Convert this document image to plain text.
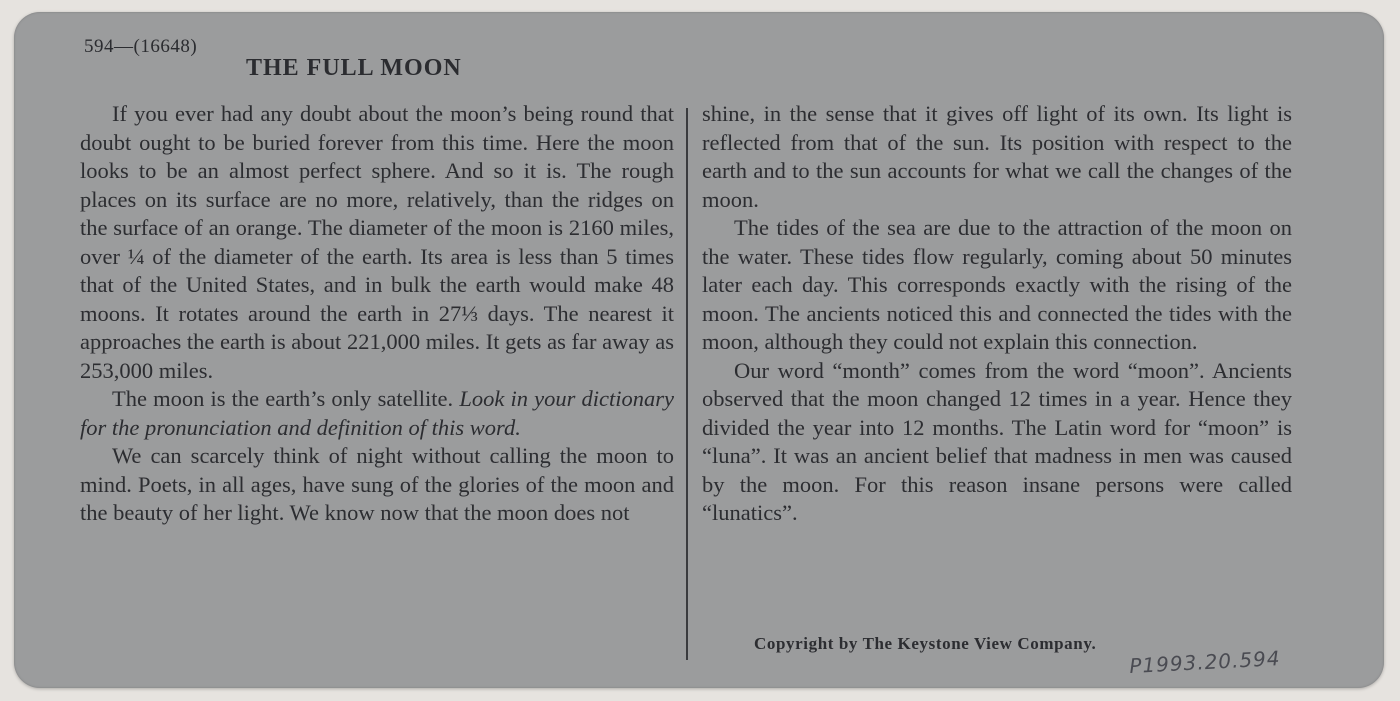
594—(16648)
THE FULL MOON

If you ever had any doubt about the moon’s being round that doubt ought to be buried forever from this time. Here the moon looks to be an almost perfect sphere. And so it is. The rough places on its surface are no more, relatively, than the ridges on the surface of an orange. The diameter of the moon is 2160 miles, over ¼ of the diameter of the earth. Its area is less than 5 times that of the United States, and in bulk the earth would make 48 moons. It rotates around the earth in 27⅓ days. The nearest it approaches the earth is about 221,000 miles. It gets as far away as 253,000 miles.

The moon is the earth’s only satellite. Look in your dictionary for the pronunciation and definition of this word.

We can scarcely think of night without calling the moon to mind. Poets, in all ages, have sung of the glories of the moon and the beauty of her light. We know now that the moon does not

shine, in the sense that it gives off light of its own. Its light is reflected from that of the sun. Its position with respect to the earth and to the sun accounts for what we call the changes of the moon.

The tides of the sea are due to the attraction of the moon on the water. These tides flow regularly, coming about 50 minutes later each day. This corresponds exactly with the rising of the moon. The ancients noticed this and connected the tides with the moon, although they could not explain this connection.

Our word “month” comes from the word “moon”. Ancients observed that the moon changed 12 times in a year. Hence they divided the year into 12 months. The Latin word for “moon” is “luna”. It was an ancient belief that madness in men was caused by the moon. For this reason insane persons were called “lunatics”.

Copyright by The Keystone View Company.
P1993.20.594
